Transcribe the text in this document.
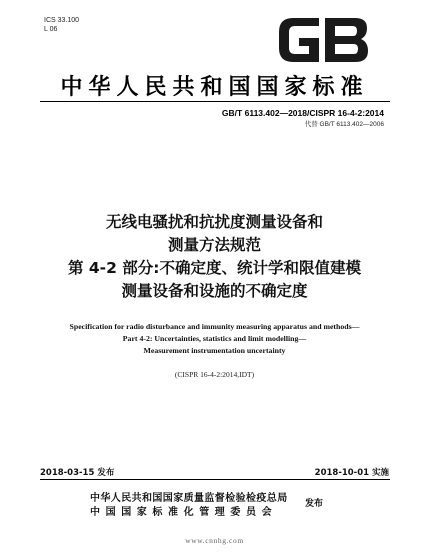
ICS 33.100
L 06
中华人民共和国国家标准
GB/T 6113.402—2018/CISPR 16-4-2:2014
代替 GB/T 6113.402—2006
无线电骚扰和抗扰度测量设备和
测量方法规范
第 4-2 部分:不确定度、统计学和限值建模
测量设备和设施的不确定度
Specification for radio disturbance and immunity measuring apparatus and methods—
Part 4-2: Uncertainties, statistics and limit modelling—
Measurement instrumentation uncertainty
(CISPR 16-4-2:2014,IDT)
2018-03-15 发布	2018-10-01 实施
中华人民共和国国家质量监督检验检疫总局
中国国家标准化管理委员会
发布
www.cnnhg.com
